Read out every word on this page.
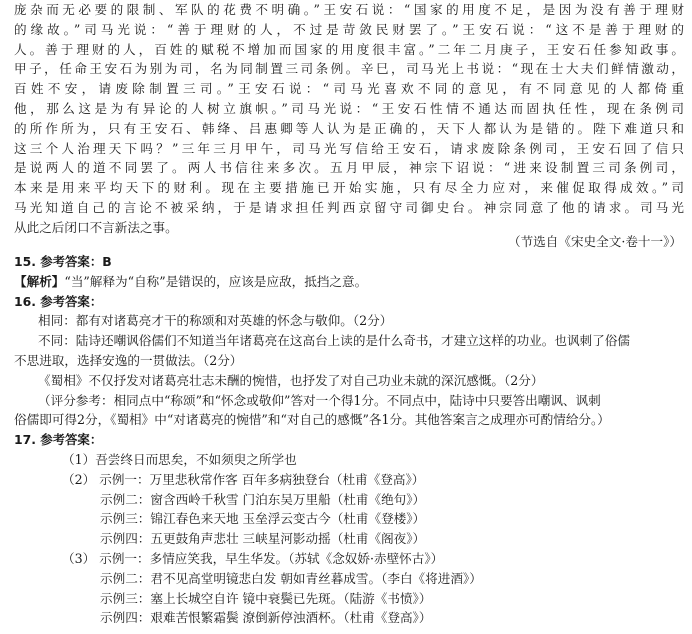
庞杂而无必要的限制、军队的花费不明确。”王安石说：“国家的用度不足，是因为没有善于理财

的缘故。”司马光说：“善于理财的人，不过是苛敛民财罢了。”王安石说：“这不是善于理财的

人。善于理财的人，百姓的赋税不增加而国家的用度很丰富。”二年二月庚子，王安石任参知政事。

甲子，任命王安石为别为司，名为同制置三司条例。辛巳，司马光上书说：“现在士大夫们鲜情激动，

百姓不安，请废除制置三司。”王安石说：“司马光喜欢不同的意见，有不同意见的人都倚重

他，那么这是为有异论的人树立旗帜。”司马光说：“王安石性情不通达而固执任性，现在条例司

的所作所为，只有王安石、韩绛、吕惠卿等人认为是正确的，天下人都认为是错的。陛下难道只和

这三个人治理天下吗？”三年三月甲午，司马光写信给王安石，请求废除条例司，王安石回了信只

是说两人的道不同罢了。两人书信往来多次。五月甲辰，神宗下诏说：“进来设制置三司条例司，

本来是用来平均天下的财利。现在主要措施已开始实施，只有尽全力应对，来催促取得成效。”司

马光知道自己的言论不被采纳，于是请求担任判西京留守司御史台。神宗同意了他的请求。司马光

从此之后闭口不言新法之事。

（节选自《宋史全文·卷十一》）

15. 参考答案：B

【解析】“当”解释为“自称”是错误的，应该是应敌，抵挡之意。

16. 参考答案：

相同：都有对诸葛亮才干的称颂和对英雄的怀念与敬仰。（2分）

不同：陆诗还嘲讽俗儒们不知道当年诸葛亮在这高台上读的是什么奇书，才建立这样的功业。也讽刺了俗儒

不思进取，选择安逸的一贯做法。（2分）

《蜀相》不仅抒发对诸葛亮壮志未酬的惋惜，也抒发了对自己功业未就的深沉感慨。（2分）

（评分参考：相同点中“称颂”和“怀念或敬仰”答对一个得1分。不同点中，陆诗中只要答出嘲讽、讽刺

俗儒即可得2分，《蜀相》中“对诸葛亮的惋惜”和“对自己的感慨”各1分。其他答案言之成理亦可酌情给分。）

17. 参考答案：

（1）吾尝终日而思矣，不如须臾之所学也

（2） 示例一：万里悲秋常作客 百年多病独登台（杜甫《登高》）

示例二：窗含西岭千秋雪 门泊东吴万里船（杜甫《绝句》）

示例三：锦江春色来天地 玉垒浮云变古今（杜甫《登楼》）

示例四：五更鼓角声悲壮 三峡星河影动摇（杜甫《阁夜》）

（3） 示例一：多情应笑我，早生华发。（苏轼《念奴娇·赤壁怀古》）

示例二：君不见高堂明镜悲白发 朝如青丝暮成雪。（李白《将进酒》）

示例三：塞上长城空自许 镜中衰鬓已先斑。（陆游《书愤》）

示例四：艰难苦恨繁霜鬓 潦倒新停浊酒杯。（杜甫《登高》）
